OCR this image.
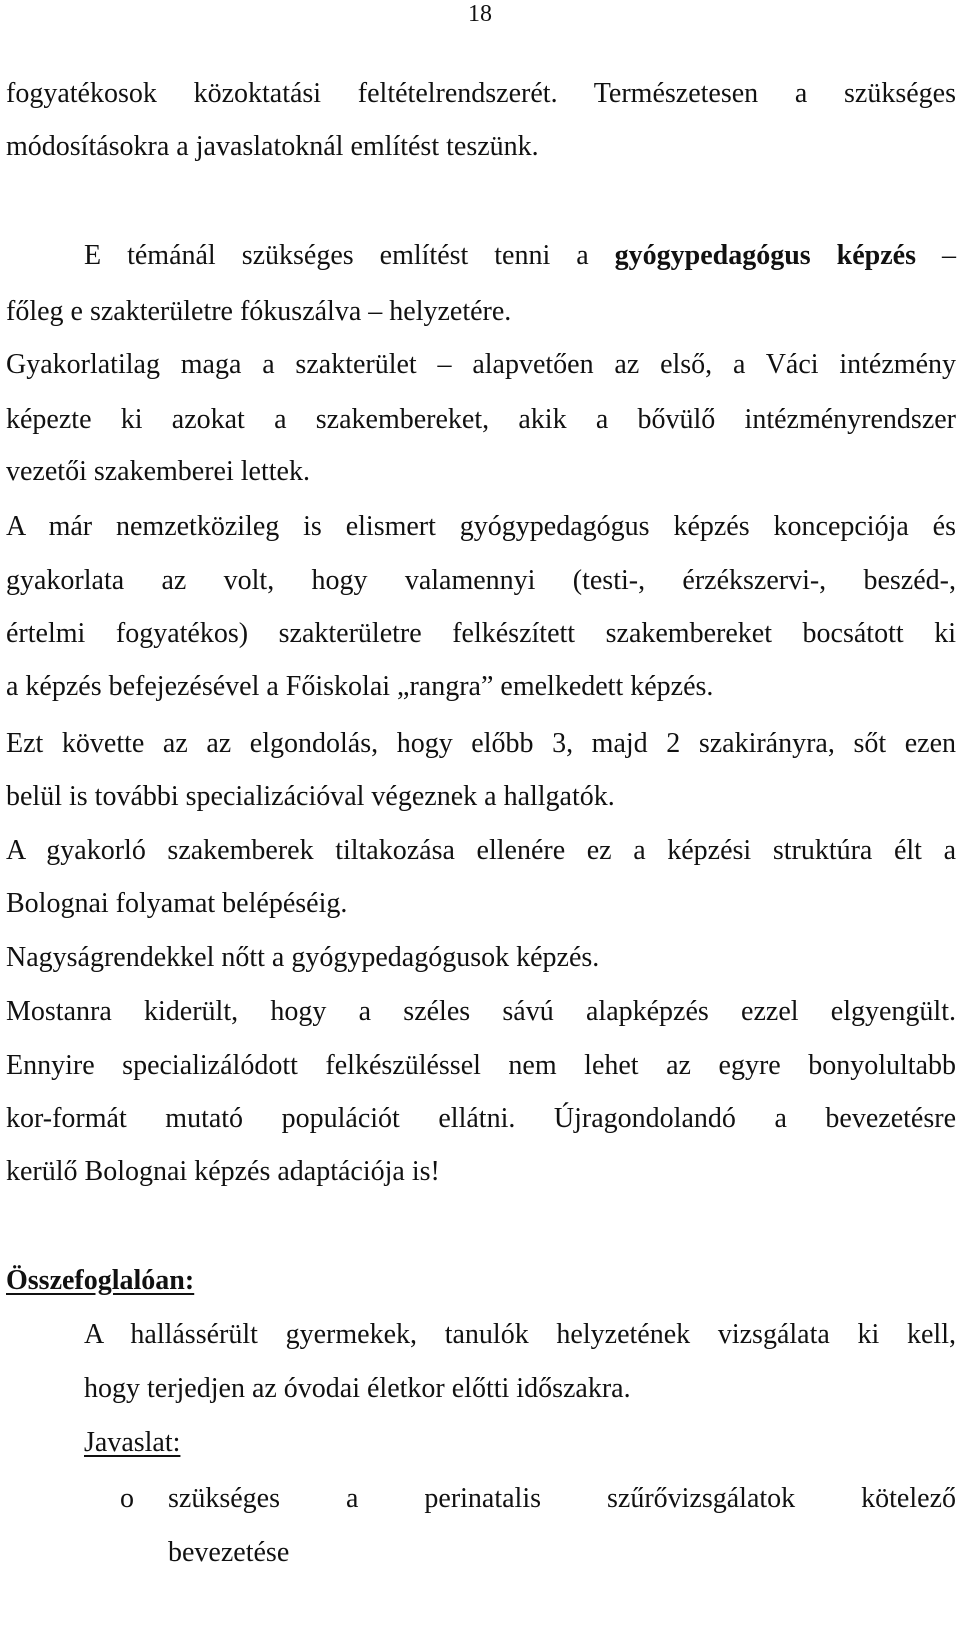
18
fogyatékosok közoktatási feltételrendszerét. Természetesen a szükséges
módosításokra a javaslatoknál említést teszünk.
E témánál szükséges említést tenni a gyógypedagógus képzés –
főleg e szakterületre fókuszálva – helyzetére.
Gyakorlatilag maga a szakterület – alapvetően az első, a Váci intézmény
képezte ki azokat a szakembereket, akik a bővülő intézményrendszer
vezetői szakemberei lettek.
A már nemzetközileg is elismert gyógypedagógus képzés koncepciója és
gyakorlata az volt, hogy valamennyi (testi-, érzékszervi-, beszéd-,
értelmi fogyatékos) szakterületre felkészített szakembereket bocsátott ki
a képzés befejezésével a Főiskolai „rangra” emelkedett képzés.
Ezt követte az az elgondolás, hogy előbb 3, majd 2 szakirányra, sőt ezen
belül is további specializációval végeznek a hallgatók.
A gyakorló szakemberek tiltakozása ellenére ez a képzési struktúra élt a
Bolognai folyamat belépéséig.
Nagyságrendekkel nőtt a gyógypedagógusok képzés.
Mostanra kiderült, hogy a széles sávú alapképzés ezzel elgyengült.
Ennyire specializálódott felkészüléssel nem lehet az egyre bonyolultabb
kor-formát mutató populációt ellátni. Újragondolandó a bevezetésre
kerülő Bolognai képzés adaptációja is!
Összefoglalóan:
A hallássérült gyermekek, tanulók helyzetének vizsgálata ki kell,
hogy terjedjen az óvodai életkor előtti időszakra.
Javaslat:
o szükséges a perinatalis szűrővizsgálatok kötelező
bevezetése
